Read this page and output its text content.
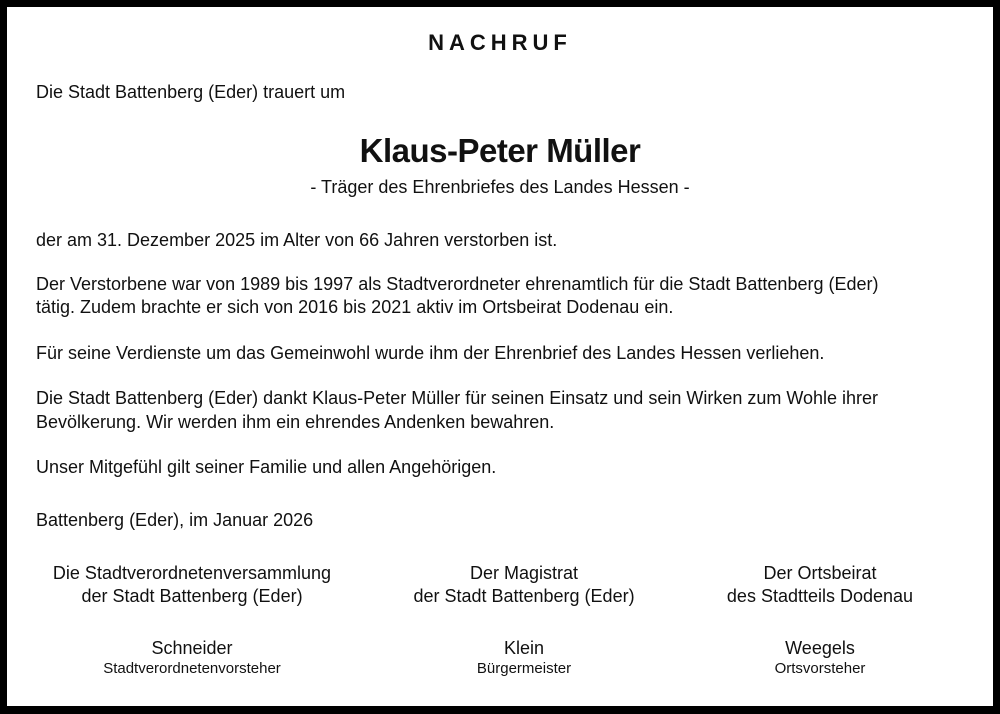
NACHRUF
Die Stadt Battenberg (Eder) trauert um
Klaus-Peter Müller
- Träger des Ehrenbriefes des Landes Hessen -
der am 31. Dezember 2025 im Alter von 66 Jahren verstorben ist.
Der Verstorbene war von 1989 bis 1997 als Stadtverordneter ehrenamtlich für die Stadt Battenberg (Eder)
tätig. Zudem brachte er sich von 2016 bis 2021 aktiv im Ortsbeirat Dodenau ein.
Für seine Verdienste um das Gemeinwohl wurde ihm der Ehrenbrief des Landes Hessen verliehen.
Die Stadt Battenberg (Eder) dankt Klaus-Peter Müller für seinen Einsatz und sein Wirken zum Wohle ihrer
Bevölkerung. Wir werden ihm ein ehrendes Andenken bewahren.
Unser Mitgefühl gilt seiner Familie und allen Angehörigen.
Battenberg (Eder), im Januar 2026
Die Stadtverordnetenversammlung
der Stadt Battenberg (Eder)
Schneider
Stadtverordnetenvorsteher
Der Magistrat
der Stadt Battenberg (Eder)
Klein
Bürgermeister
Der Ortsbeirat
des Stadtteils Dodenau
Weegels
Ortsvorsteher
